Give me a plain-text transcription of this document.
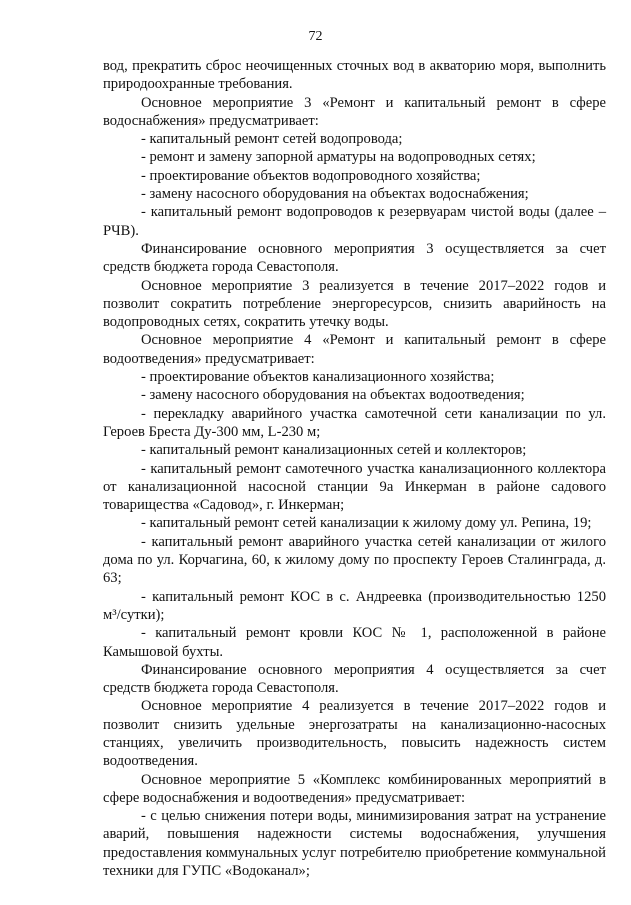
72

вод, прекратить сброс неочищенных сточных вод в акваторию моря, выполнить природоохранные требования.

Основное мероприятие 3 «Ремонт и капитальный ремонт в сфере водоснабжения» предусматривает:

- капитальный ремонт сетей водопровода;

- ремонт и замену запорной арматуры на водопроводных сетях;

- проектирование объектов водопроводного хозяйства;

- замену насосного оборудования на объектах водоснабжения;

- капитальный ремонт водопроводов к резервуарам чистой воды (далее – РЧВ).

Финансирование основного мероприятия 3 осуществляется за счет средств бюджета города Севастополя.

Основное мероприятие 3 реализуется в течение 2017–2022 годов и позволит сократить потребление энергоресурсов, снизить аварийность на водопроводных сетях, сократить утечку воды.

Основное мероприятие 4 «Ремонт и капитальный ремонт в сфере водоотведения» предусматривает:

- проектирование объектов канализационного хозяйства;

- замену насосного оборудования на объектах водоотведения;

- перекладку аварийного участка самотечной сети канализации по ул. Героев Бреста Ду-300 мм, L-230 м;

- капитальный ремонт канализационных сетей и коллекторов;

- капитальный ремонт самотечного участка канализационного коллектора от канализационной насосной станции 9а Инкерман в районе садового товарищества «Садовод», г. Инкерман;

- капитальный ремонт сетей канализации к жилому дому ул. Репина, 19;

- капитальный ремонт аварийного участка сетей канализации от жилого дома по ул. Корчагина, 60, к жилому дому по проспекту Героев Сталинграда, д. 63;

- капитальный ремонт КОС в с. Андреевка (производительностью 1250 м³/сутки);

- капитальный ремонт кровли КОС № 1, расположенной в районе Камышовой бухты.

Финансирование основного мероприятия 4 осуществляется за счет средств бюджета города Севастополя.

Основное мероприятие 4 реализуется в течение 2017–2022 годов и позволит снизить удельные энергозатраты на канализационно-насосных станциях, увеличить производительность, повысить надежность систем водоотведения.

Основное мероприятие 5 «Комплекс комбинированных мероприятий в сфере водоснабжения и водоотведения» предусматривает:

- с целью снижения потери воды, минимизирования затрат на устранение аварий, повышения надежности системы водоснабжения, улучшения предоставления коммунальных услуг потребителю приобретение коммунальной техники для ГУПС «Водоканал»;
